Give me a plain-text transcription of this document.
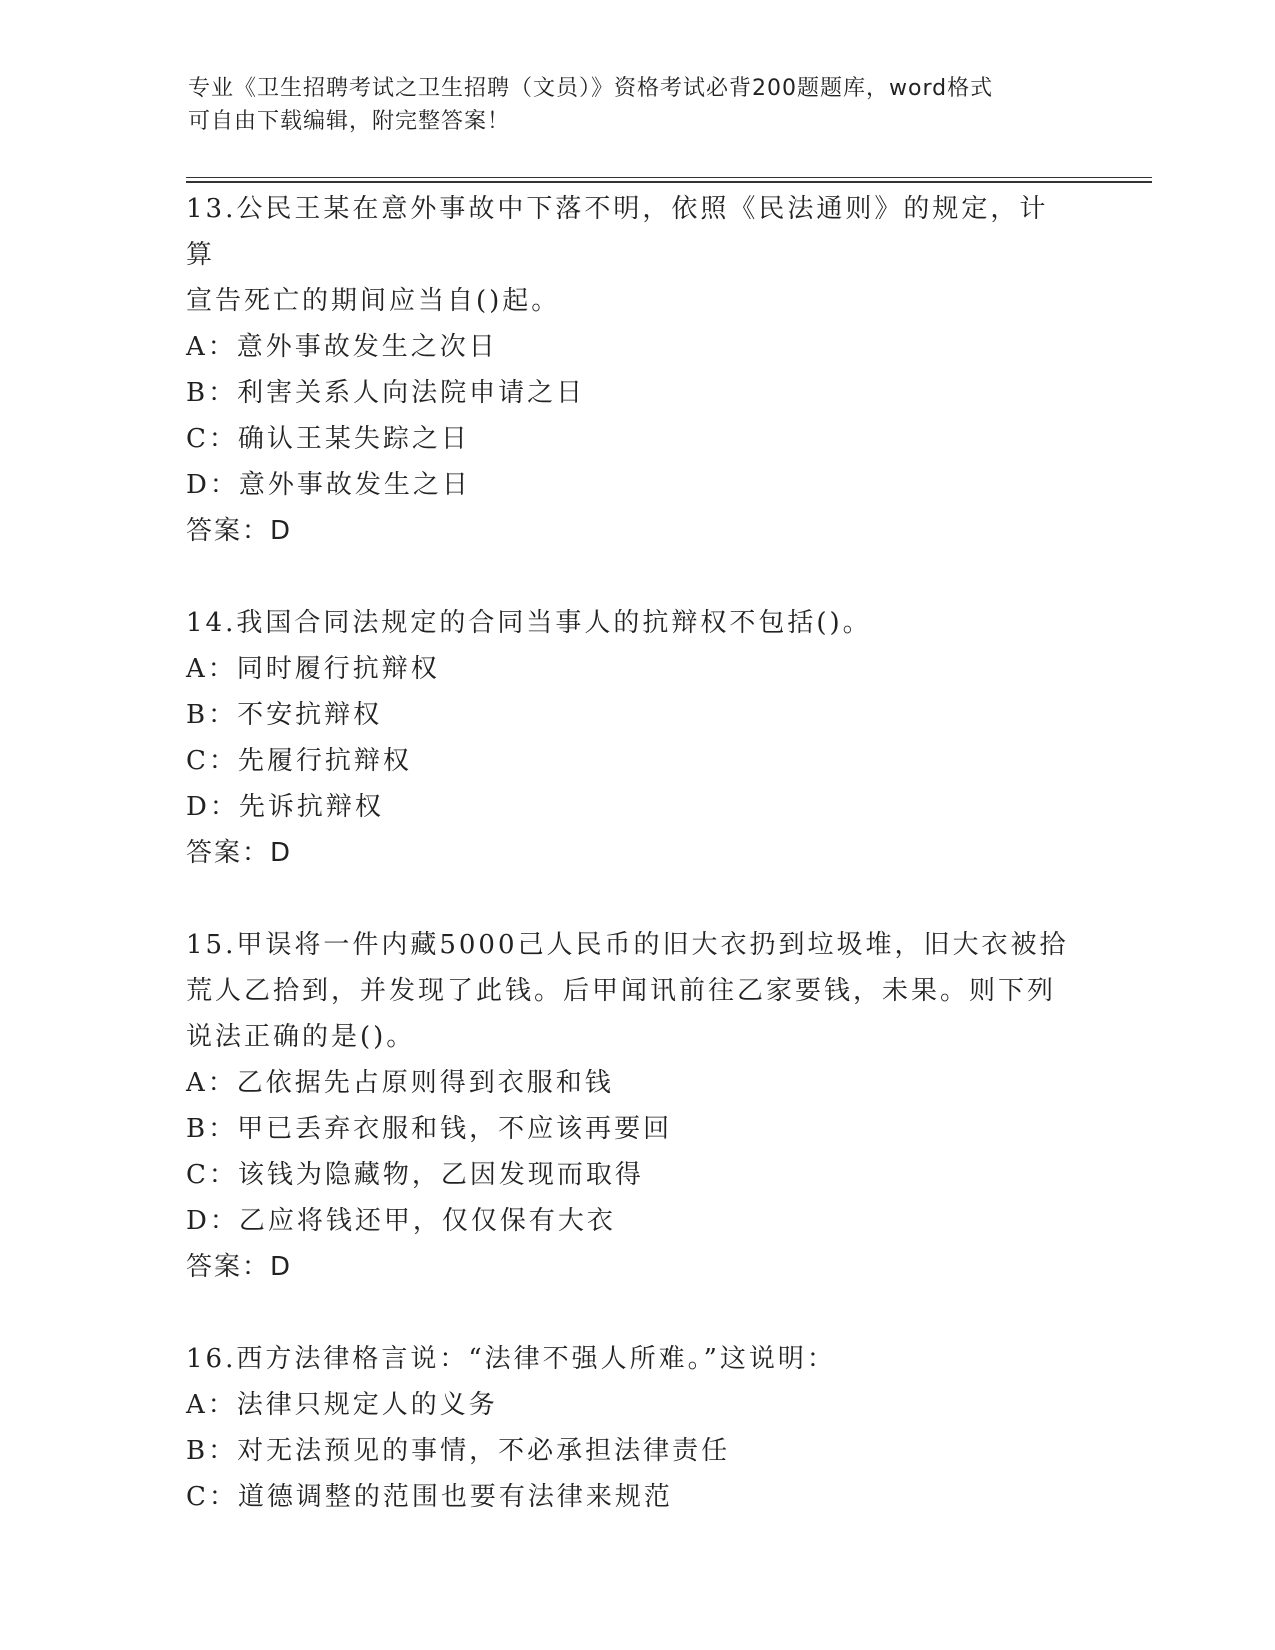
专业《卫生招聘考试之卫生招聘（文员）》资格考试必背200题题库，word格式
可自由下载编辑，附完整答案！
13.公民王某在意外事故中下落不明，依照《民法通则》的规定，计算
宣告死亡的期间应当自()起。
A：意外事故发生之次日
B：利害关系人向法院申请之日
C：确认王某失踪之日
D：意外事故发生之日
答案：D
14.我国合同法规定的合同当事人的抗辩权不包括()。
A：同时履行抗辩权
B：不安抗辩权
C：先履行抗辩权
D：先诉抗辩权
答案：D
15.甲误将一件内藏5000己人民币的旧大衣扔到垃圾堆，旧大衣被拾
荒人乙拾到，并发现了此钱。后甲闻讯前往乙家要钱，未果。则下列
说法正确的是()。
A：乙依据先占原则得到衣服和钱
B：甲已丢弃衣服和钱，不应该再要回
C：该钱为隐藏物，乙因发现而取得
D：乙应将钱还甲，仅仅保有大衣
答案：D
16.西方法律格言说：“法律不强人所难。”这说明：
A：法律只规定人的义务
B：对无法预见的事情，不必承担法律责任
C：道德调整的范围也要有法律来规范
